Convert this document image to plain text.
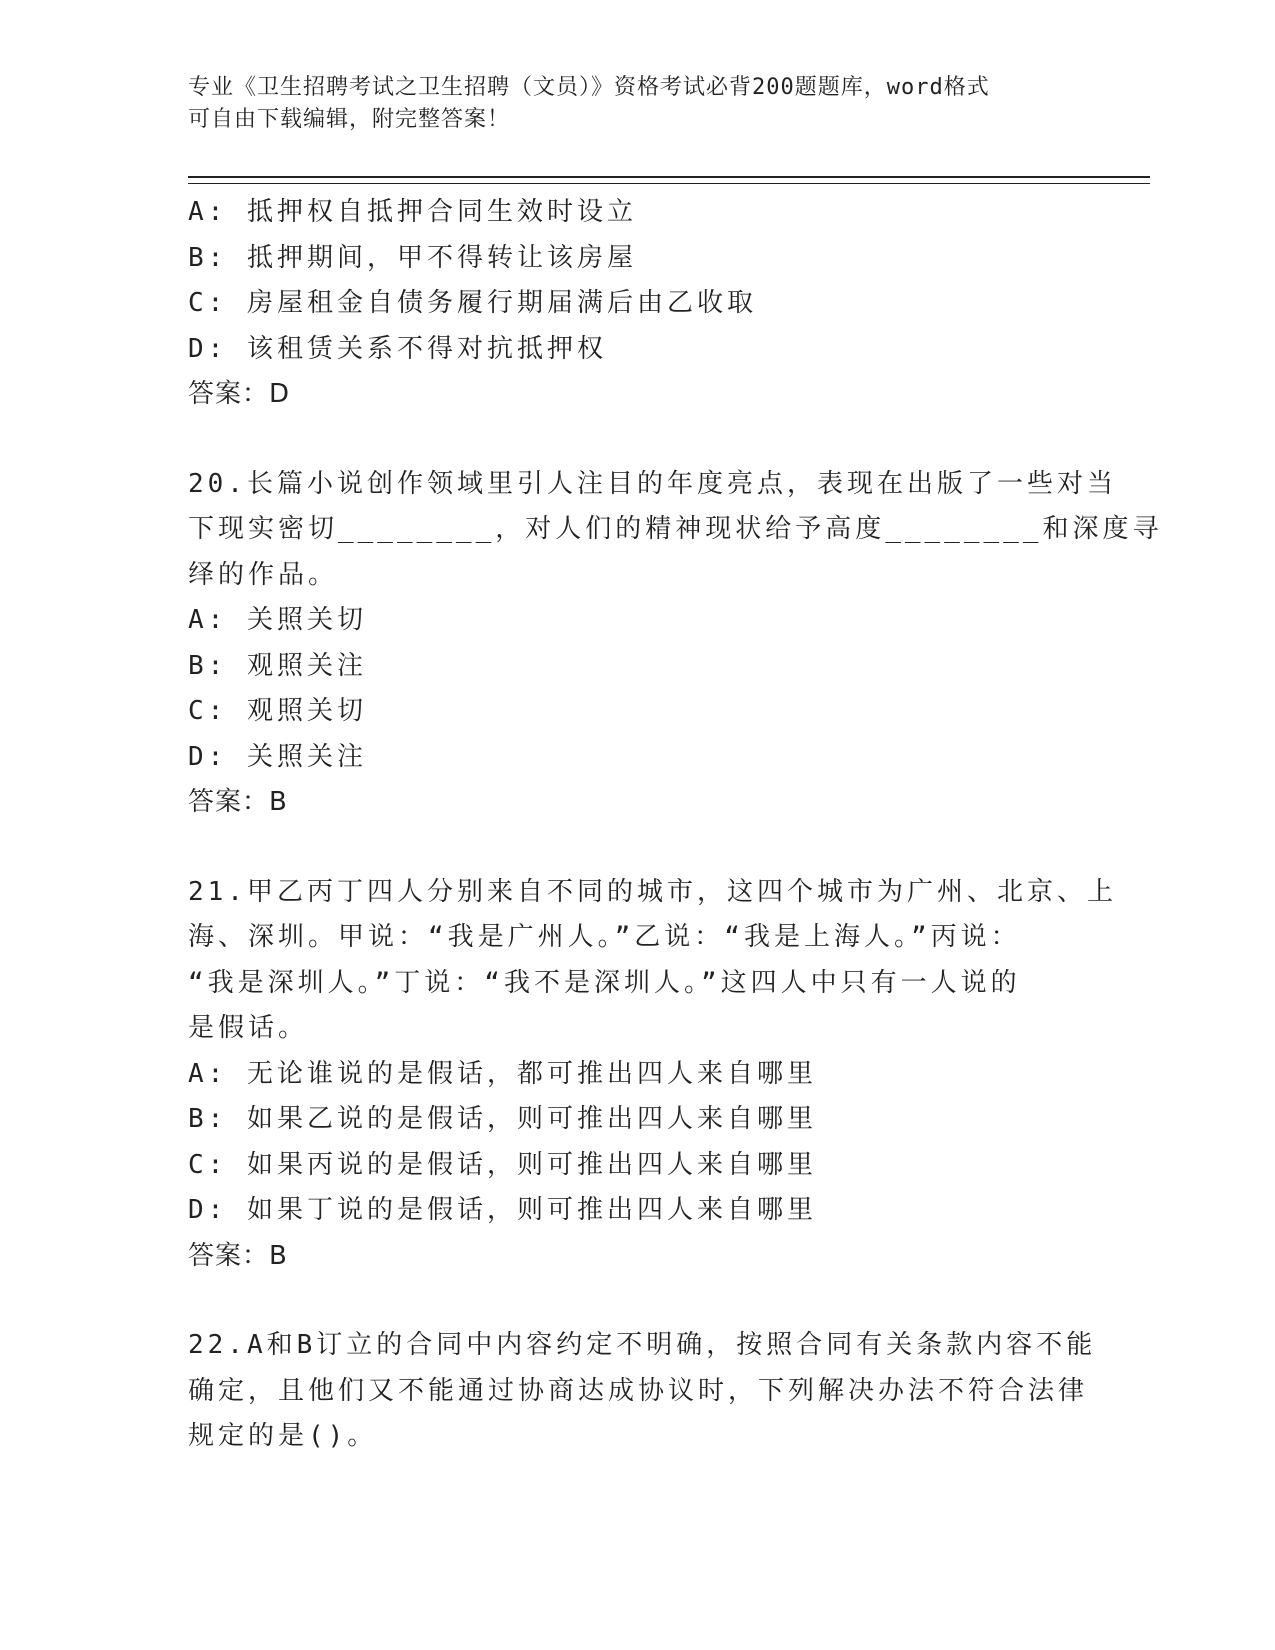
专业《卫生招聘考试之卫生招聘（文员）》资格考试必背200题题库，word格式
可自由下载编辑，附完整答案！
A: 抵押权自抵押合同生效时设立
B: 抵押期间，甲不得转让该房屋
C: 房屋租金自债务履行期届满后由乙收取
D: 该租赁关系不得对抗抵押权
答案：D
20.长篇小说创作领域里引人注目的年度亮点，表现在出版了一些对当
下现实密切________，对人们的精神现状给予高度________和深度寻
绎的作品。
A: 关照关切
B: 观照关注
C: 观照关切
D: 关照关注
答案：B
21.甲乙丙丁四人分别来自不同的城市，这四个城市为广州、北京、上
海、深圳。甲说：“我是广州人。”乙说：“我是上海人。”丙说：
“我是深圳人。”丁说：“我不是深圳人。”这四人中只有一人说的
是假话。
A: 无论谁说的是假话，都可推出四人来自哪里
B: 如果乙说的是假话，则可推出四人来自哪里
C: 如果丙说的是假话，则可推出四人来自哪里
D: 如果丁说的是假话，则可推出四人来自哪里
答案：B
22.A和B订立的合同中内容约定不明确，按照合同有关条款内容不能
确定，且他们又不能通过协商达成协议时，下列解决办法不符合法律
规定的是()。
